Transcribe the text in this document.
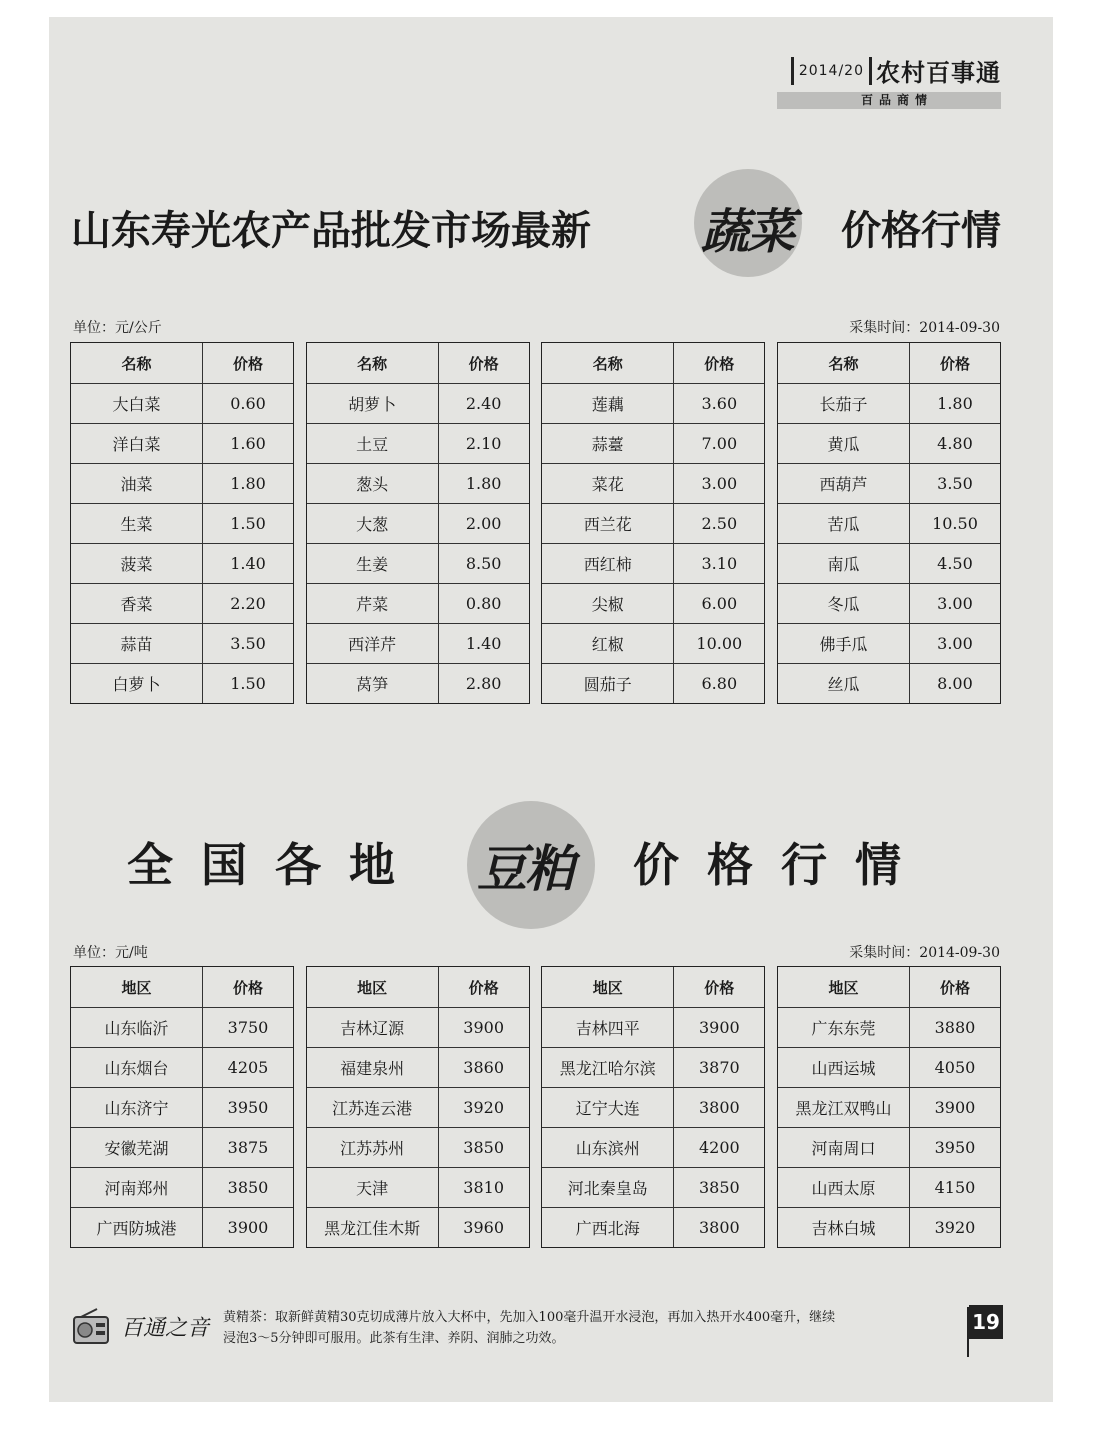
2014/20 农村百事通
百品商情
山东寿光农产品批发市场最新 蔬菜 价格行情
单位：元/公斤	采集时间：2014-09-30
名称	价格
大白菜	0.60
洋白菜	1.60
油菜	1.80
生菜	1.50
菠菜	1.40
香菜	2.20
蒜苗	3.50
白萝卜	1.50
名称	价格
胡萝卜	2.40
土豆	2.10
葱头	1.80
大葱	2.00
生姜	8.50
芹菜	0.80
西洋芹	1.40
莴笋	2.80
名称	价格
莲藕	3.60
蒜薹	7.00
菜花	3.00
西兰花	2.50
西红柿	3.10
尖椒	6.00
红椒	10.00
圆茄子	6.80
名称	价格
长茄子	1.80
黄瓜	4.80
西葫芦	3.50
苦瓜	10.50
南瓜	4.50
冬瓜	3.00
佛手瓜	3.00
丝瓜	8.00
全国各地 豆粕 价格行情
单位：元/吨	采集时间：2014-09-30
地区	价格
山东临沂	3750
山东烟台	4205
山东济宁	3950
安徽芜湖	3875
河南郑州	3850
广西防城港	3900
地区	价格
吉林辽源	3900
福建泉州	3860
江苏连云港	3920
江苏苏州	3850
天津	3810
黑龙江佳木斯	3960
地区	价格
吉林四平	3900
黑龙江哈尔滨	3870
辽宁大连	3800
山东滨州	4200
河北秦皇岛	3850
广西北海	3800
地区	价格
广东东莞	3880
山西运城	4050
黑龙江双鸭山	3900
河南周口	3950
山西太原	4150
吉林白城	3920
百通之音 黄精茶：取新鲜黄精30克切成薄片放入大杯中，先加入100毫升温开水浸泡，再加入热开水400毫升，继续
浸泡3～5分钟即可服用。此茶有生津、养阴、润肺之功效。
19
